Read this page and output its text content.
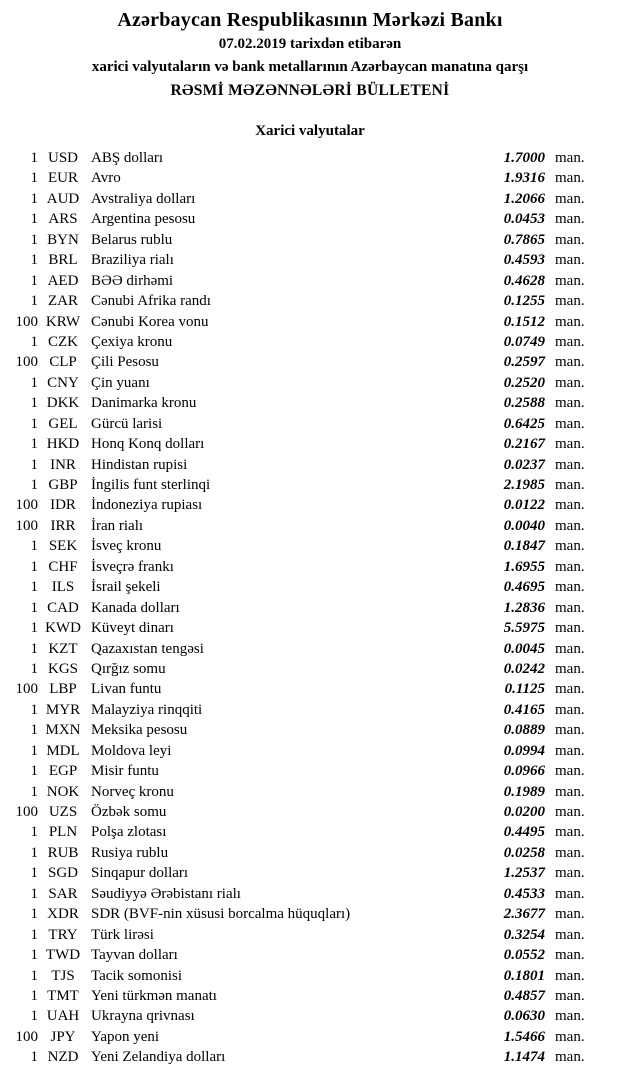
Azərbaycan Respublikasının Mərkəzi Bankı
07.02.2019 tarixdən etibarən
xarici valyutaların və bank metallarının Azərbaycan manatına qarşı
RƏSMİ MƏZƏNNƏLƏRİ BÜLLETENİ
Xarici valyutalar
1 USD ABŞ dolları	1.7000 man.
1 EUR Avro	1.9316 man.
1 AUD Avstraliya dolları	1.2066 man.
1 ARS Argentina pesosu	0.0453 man.
1 BYN Belarus rublu	0.7865 man.
1 BRL Braziliya rialı	0.4593 man.
1 AED BƏƏ dirhəmi	0.4628 man.
1 ZAR Cənubi Afrika randı	0.1255 man.
100 KRW Cənubi Korea vonu	0.1512 man.
1 CZK Çexiya kronu	0.0749 man.
100 CLP Çili Pesosu	0.2597 man.
1 CNY Çin yuanı	0.2520 man.
1 DKK Danimarka kronu	0.2588 man.
1 GEL Gürcü larisi	0.6425 man.
1 HKD Honq Konq dolları	0.2167 man.
1 INR	Hindistan rupisi	0.0237 man.
1 GBP İngilis funt sterlinqi	2.1985 man.
100 IDR	İndoneziya rupiası	0.0122 man.
100 IRR	İran rialı	0.0040 man.
1 SEK İsveç kronu	0.1847 man.
1 CHF İsveçrə frankı	1.6955 man.
1 ILS	İsrail şekeli	0.4695 man.
1 CAD Kanada dolları	1.2836 man.
1 KWD Küveyt dinarı	5.5975 man.
1 KZT Qazaxıstan tengəsi	0.0045 man.
1 KGS Qırğız somu	0.0242 man.
100 LBP Livan funtu	0.1125 man.
1 MYR Malayziya rinqqiti	0.4165 man.
1 MXN Meksika pesosu	0.0889 man.
1 MDL Moldova leyi	0.0994 man.
1 EGP Misir funtu	0.0966 man.
1 NOK Norveç kronu	0.1989 man.
100 UZS Özbək somu	0.0200 man.
1 PLN Polşa zlotası	0.4495 man.
1 RUB Rusiya rublu	0.0258 man.
1 SGD Sinqapur dolları	1.2537 man.
1 SAR Səudiyyə Ərəbistanı rialı	0.4533 man.
1 XDR SDR (BVF-nin xüsusi borcalma hüquqları)	2.3677 man.
1 TRY Türk lirəsi	0.3254 man.
1 TWD Tayvan dolları	0.0552 man.
1 TJS	Tacik somonisi	0.1801 man.
1 TMT Yeni türkmən manatı	0.4857 man.
1 UAH Ukrayna qrivnası	0.0630 man.
100 JPY	Yapon yeni	1.5466 man.
1 NZD Yeni Zelandiya dolları	1.1474 man.
